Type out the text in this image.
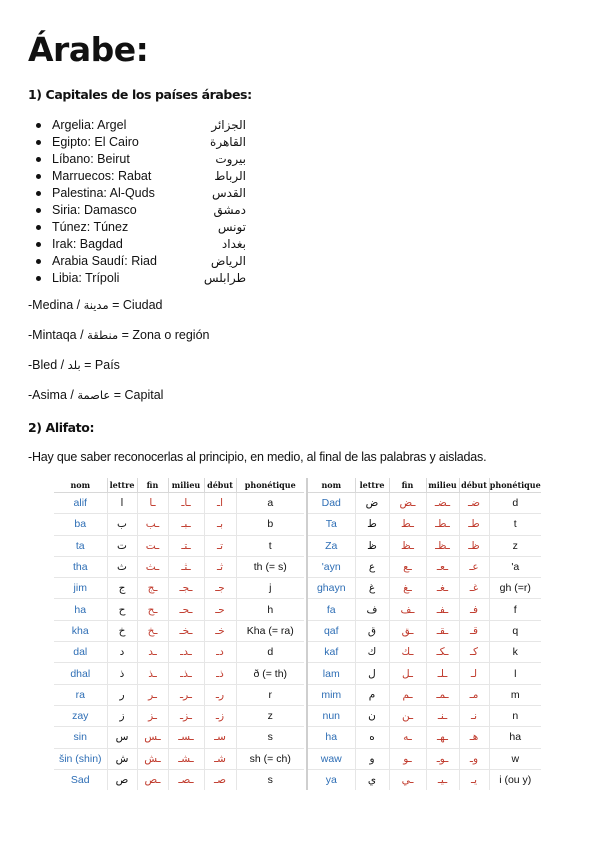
Árabe:
1) Capitales de los países árabes:
Argelia: Argel	الجزائر
Egipto: El Cairo	القاهرة
Líbano: Beirut	بيروت
Marruecos: Rabat	الرباط
Palestina: Al-Quds	القدس
Siria: Damasco	دمشق
Túnez: Túnez	تونس
Irak: Bagdad	بغداد
Arabia Saudí: Riad	الرياض
Libia: Trípoli	طرابلس
-Medina / مدينة = Ciudad
-Mintaqa / منطقة = Zona o región
-Bled / بلد = País
-Asima / عاصمة = Capital
2) Alifato:
-Hay que saber reconocerlas al principio, en medio, al final de las palabras y aisladas.
nom	lettre	fin	milieu	début	phonétique
alif	ا	ـا	ـاـ	اـ	a
ba	ب	ـب	ـبـ	بـ	b
ta	ت	ـت	ـتـ	تـ	t
tha	ث	ـث	ـثـ	ثـ	th (= s)
jim	ج	ـج	ـجـ	جـ	j
ha	ح	ـح	ـحـ	حـ	h
kha	خ	ـخ	ـخـ	خـ	Kha (= ra)
dal	د	ـد	ـدـ	دـ	d
dhal	ذ	ـذ	ـذـ	ذـ	ð (= th)
ra	ر	ـر	ـرـ	رـ	r
zay	ز	ـز	ـزـ	زـ	z
sin	س	ـس	ـسـ	سـ	s
šin (shin)	ش	ـش	ـشـ	شـ	sh (= ch)
Sad	ص	ـص	ـصـ	صـ	s
nom	lettre	fin	milieu	début	phonétique
Dad	ض	ـض	ـضـ	ضـ	d
Ta	ط	ـط	ـطـ	طـ	t
Za	ظ	ـظ	ـظـ	ظـ	z
'ayn	ع	ـع	ـعـ	عـ	'a
ghayn	غ	ـغ	ـغـ	غـ	gh (=r)
fa	ف	ـف	ـفـ	فـ	f
qaf	ق	ـق	ـقـ	قـ	q
kaf	ك	ـك	ـكـ	كـ	k
lam	ل	ـل	ـلـ	لـ	l
mim	م	ـم	ـمـ	مـ	m
nun	ن	ـن	ـنـ	نـ	n
ha	ه	ـه	ـهـ	هـ	ha
waw	و	ـو	ـوـ	وـ	w
ya	ي	ـي	ـيـ	يـ	i (ou y)
